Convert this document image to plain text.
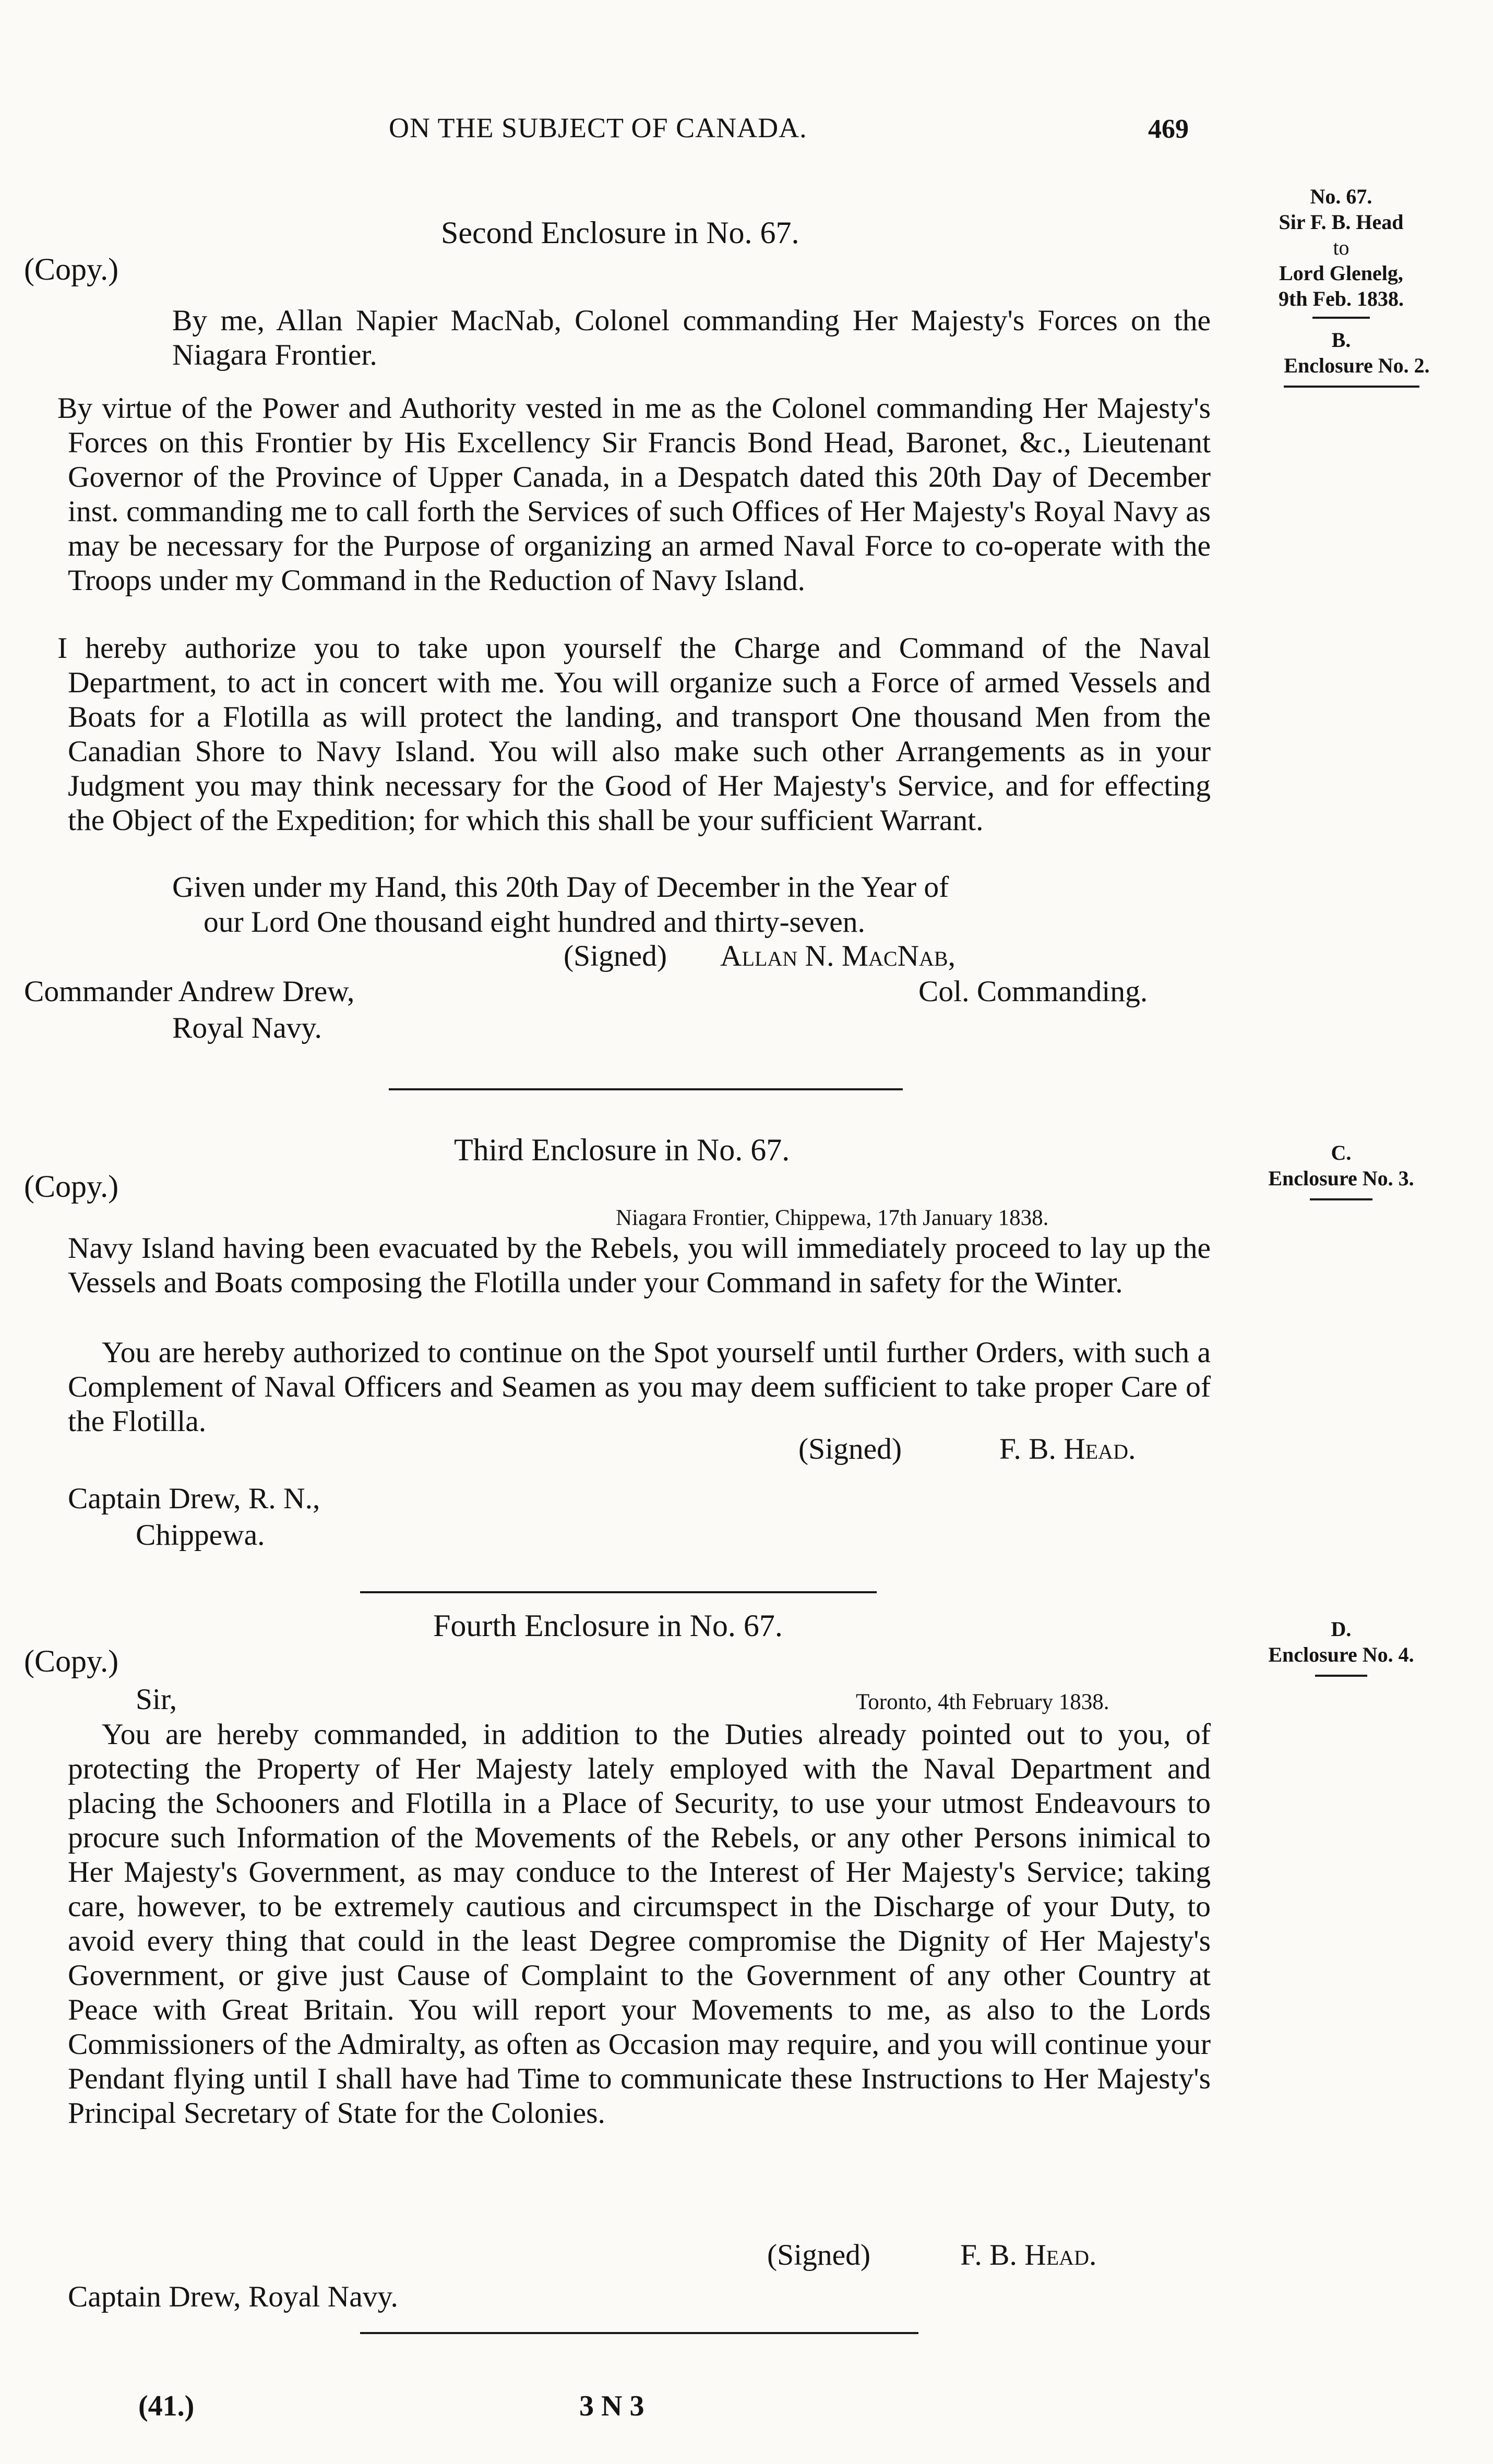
ON THE SUBJECT OF CANADA.	469
No. 67.
Sir F. B. Head
to
Lord Glenelg,
9th Feb. 1838.
B.
Enclosure No. 2.
C.
Enclosure No. 3.
D.
Enclosure No. 4.
Second Enclosure in No. 67.
(Copy.)
By me, Allan Napier MacNab, Colonel commanding Her Majesty's Forces on the Niagara Frontier.
By virtue of the Power and Authority vested in me as the Colonel commanding Her Majesty's Forces on this Frontier by His Excellency Sir Francis Bond Head, Baronet, &c., Lieutenant Governor of the Province of Upper Canada, in a Despatch dated this 20th Day of December inst. commanding me to call forth the Services of such Offices of Her Majesty's Royal Navy as may be necessary for the Purpose of organizing an armed Naval Force to co-operate with the Troops under my Command in the Reduction of Navy Island.
I hereby authorize you to take upon yourself the Charge and Command of the Naval Department, to act in concert with me. You will organize such a Force of armed Vessels and Boats for a Flotilla as will protect the landing, and transport One thousand Men from the Canadian Shore to Navy Island. You will also make such other Arrangements as in your Judgment you may think necessary for the Good of Her Majesty's Service, and for effecting the Object of the Expedition; for which this shall be your sufficient Warrant.
Given under my Hand, this 20th Day of December in the Year of
our Lord One thousand eight hundred and thirty-seven.
(Signed) Allan N. MacNab,
Commander Andrew Drew,	Col. Commanding.
Royal Navy.
Third Enclosure in No. 67.
(Copy.)
Niagara Frontier, Chippewa, 17th January 1838.
Navy Island having been evacuated by the Rebels, you will immediately proceed to lay up the Vessels and Boats composing the Flotilla under your Command in safety for the Winter.
You are hereby authorized to continue on the Spot yourself until further Orders, with such a Complement of Naval Officers and Seamen as you may deem sufficient to take proper Care of the Flotilla.
(Signed)	F. B. Head.
Captain Drew, R. N.,
Chippewa.
Fourth Enclosure in No. 67.
(Copy.)
Sir,	Toronto, 4th February 1838.
You are hereby commanded, in addition to the Duties already pointed out to you, of protecting the Property of Her Majesty lately employed with the Naval Department and placing the Schooners and Flotilla in a Place of Security, to use your utmost Endeavours to procure such Information of the Movements of the Rebels, or any other Persons inimical to Her Majesty's Government, as may conduce to the Interest of Her Majesty's Service; taking care, however, to be extremely cautious and circumspect in the Discharge of your Duty, to avoid every thing that could in the least Degree compromise the Dignity of Her Majesty's Government, or give just Cause of Complaint to the Government of any other Country at Peace with Great Britain. You will report your Movements to me, as also to the Lords Commissioners of the Admiralty, as often as Occasion may require, and you will continue your Pendant flying until I shall have had Time to communicate these Instructions to Her Majesty's Principal Secretary of State for the Colonies.
(Signed)	F. B. Head.
Captain Drew, Royal Navy.
(41.)	3 N 3
